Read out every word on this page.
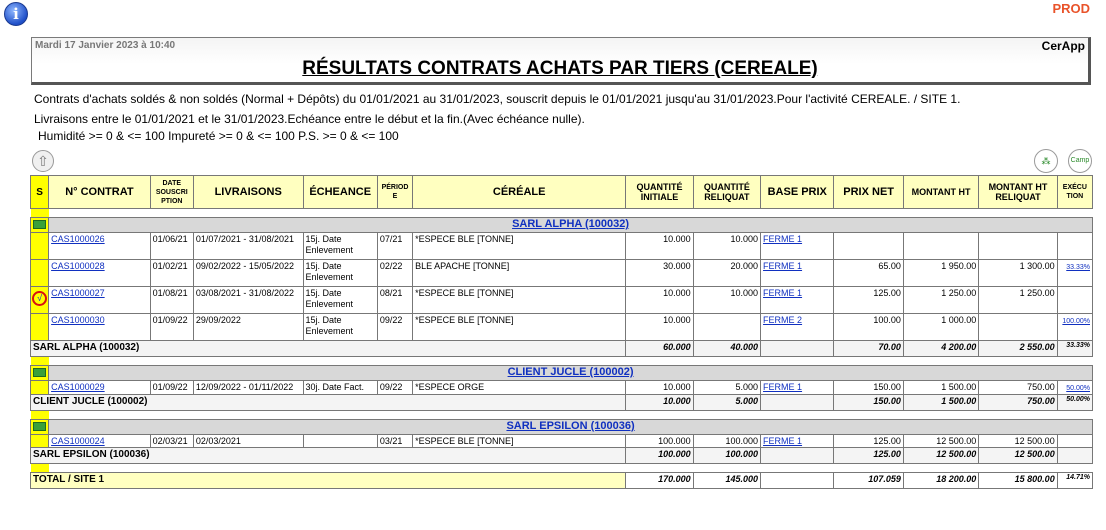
i	PROD
Mardi 17 Janvier 2023 à 10:40	CerApp
RÉSULTATS CONTRATS ACHATS PAR TIERS (CEREALE)
Contrats d'achats soldés & non soldés (Normal + Dépôts) du 01/01/2021 au 31/01/2023, souscrit depuis le 01/01/2021 jusqu'au 31/01/2023.Pour l'activité CEREALE. / SITE 1.
Livraisons entre le 01/01/2021 et le 31/01/2023.Echéance entre le début et la fin.(Avec échéance nulle).
Humidité >= 0 & <= 100 Impureté >= 0 & <= 100 P.S. >= 0 & <= 100
⇧	⁂	Camp
S	N° CONTRAT	DATE SOUSCRI PTION	LIVRAISONS	ÉCHEANCE	PÉRIOD E	CÉRÉALE	QUANTITÉ INITIALE	QUANTITÉ RELIQUAT	BASE PRIX	PRIX NET	MONTANT HT	MONTANT HT RELIQUAT	EXÉCU TION

	SARL ALPHA (100032)												
	CAS1000026	01/06/21	01/07/2021 - 31/08/2021	15j. Date Enlevement	07/21	*ESPECE BLE [TONNE]	10.000	10.000	FERME 1				
	CAS1000028	01/02/21	09/02/2022 - 15/05/2022	15j. Date Enlevement	02/22	BLE APACHE [TONNE]	30.000	20.000	FERME 1	65.00	1 950.00	1 300.00	33.33%
√	CAS1000027	01/08/21	03/08/2021 - 31/08/2022	15j. Date Enlevement	08/21	*ESPECE BLE [TONNE]	10.000	10.000	FERME 1	125.00	1 250.00	1 250.00	
	CAS1000030	01/09/22	29/09/2022	15j. Date Enlevement	09/22	*ESPECE BLE [TONNE]	10.000		FERME 2	100.00	1 000.00		100.00%
SARL ALPHA (100032)							60.000	40.000		70.00	4 200.00	2 550.00	33.33%

	CLIENT JUCLE (100002)												
	CAS1000029	01/09/22	12/09/2022 - 01/11/2022	30j. Date Fact.	09/22	*ESPECE ORGE	10.000	5.000	FERME 1	150.00	1 500.00	750.00	50.00%
CLIENT JUCLE (100002)							10.000	5.000		150.00	1 500.00	750.00	50.00%

	SARL EPSILON (100036)												
	CAS1000024	02/03/21	02/03/2021		03/21	*ESPECE BLE [TONNE]	100.000	100.000	FERME 1	125.00	12 500.00	12 500.00	
SARL EPSILON (100036)							100.000	100.000		125.00	12 500.00	12 500.00	

TOTAL / SITE 1							170.000	145.000		107.059	18 200.00	15 800.00	14.71%
